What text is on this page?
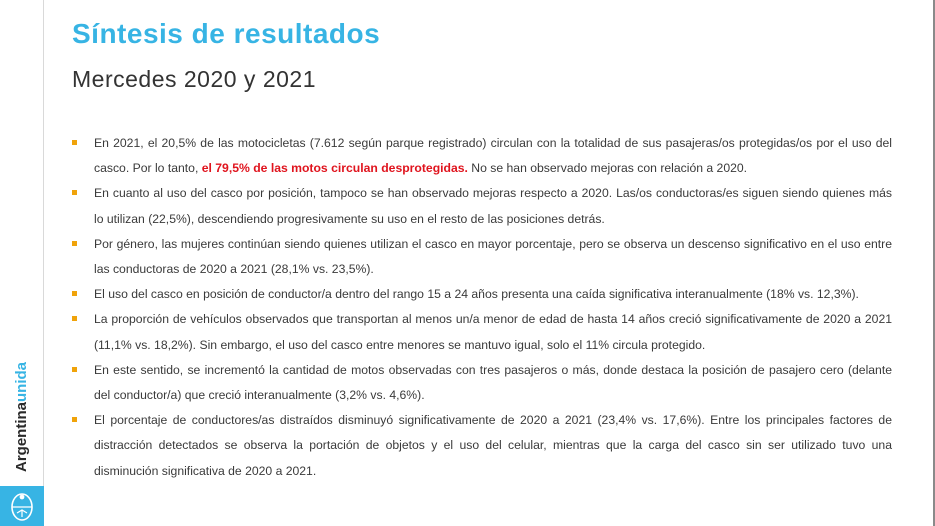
Argentinaunida
Síntesis de resultados
Mercedes 2020 y 2021
En 2021, el 20,5% de las motocicletas (7.612 según parque registrado) circulan con la totalidad de sus pasajeras/os protegidas/os por el uso del casco. Por lo tanto, el 79,5% de las motos circulan desprotegidas. No se han observado mejoras con relación a 2020.
En cuanto al uso del casco por posición, tampoco se han observado mejoras respecto a 2020. Las/os conductoras/es siguen siendo quienes más lo utilizan (22,5%), descendiendo progresivamente su uso en el resto de las posiciones detrás.
Por género, las mujeres continúan siendo quienes utilizan el casco en mayor porcentaje, pero se observa un descenso significativo en el uso entre las conductoras de 2020 a 2021 (28,1% vs. 23,5%).
El uso del casco en posición de conductor/a dentro del rango 15 a 24 años presenta una caída significativa interanualmente (18% vs. 12,3%).
La proporción de vehículos observados que transportan al menos un/a menor de edad de hasta 14 años creció significativamente de 2020 a 2021 (11,1% vs. 18,2%). Sin embargo, el uso del casco entre menores se mantuvo igual, solo el 11% circula protegido.
En este sentido, se incrementó la cantidad de motos observadas con tres pasajeros o más, donde destaca la posición de pasajero cero (delante del conductor/a) que creció interanualmente (3,2% vs. 4,6%).
El porcentaje de conductores/as distraídos disminuyó significativamente de 2020 a 2021 (23,4% vs. 17,6%). Entre los principales factores de distracción detectados se observa la portación de objetos y el uso del celular, mientras que la carga del casco sin ser utilizado tuvo una disminución significativa de 2020 a 2021.
